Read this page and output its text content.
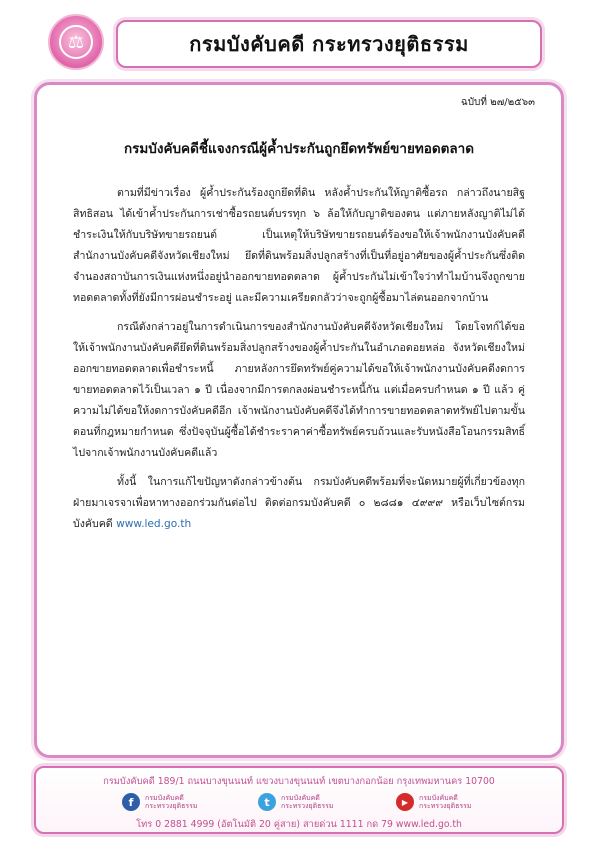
⚖	กรมบังคับคดี กระทรวงยุติธรรม
ฉบับที่ ๒๗/๒๕๖๓
กรมบังคับคดีชี้แจงกรณีผู้ค้ำประกันถูกยึดทรัพย์ขายทอดตลาด

ตามที่มีข่าวเรื่อง ผู้ค้ำประกันร้องถูกยึดที่ดิน หลังค้ำประกันให้ญาติซื้อรถ กล่าวถึงนายสิฐ สิทธิสอน ได้เข้าค้ำประกันการเช่าซื้อรถยนต์บรรทุก ๖ ล้อให้กับญาติของตน แต่ภายหลังญาติไม่ได้ชำระเงินให้กับบริษัทขายรถยนต์ เป็นเหตุให้บริษัทขายรถยนต์ร้องขอให้เจ้าพนักงานบังคับคดีสำนักงานบังคับคดีจังหวัดเชียงใหม่ ยึดที่ดินพร้อมสิ่งปลูกสร้างที่เป็นที่อยู่อาศัยของผู้ค้ำประกันซึ่งติดจำนองสถาบันการเงินแห่งหนึ่งอยู่นำออกขายทอดตลาด ผู้ค้ำประกันไม่เข้าใจว่าทำไมบ้านจึงถูกขายทอดตลาดทั้งที่ยังมีการผ่อนชำระอยู่ และมีความเครียดกลัวว่าจะถูกผู้ซื้อมาไล่ตนออกจากบ้าน

กรณีดังกล่าวอยู่ในการดำเนินการของสำนักงานบังคับคดีจังหวัดเชียงใหม่ โดยโจทก์ได้ขอให้เจ้าพนักงานบังคับคดียึดที่ดินพร้อมสิ่งปลูกสร้างของผู้ค้ำประกันในอำเภอดอยหล่อ จังหวัดเชียงใหม่ ออกขายทอดตลาดเพื่อชำระหนี้ ภายหลังการยึดทรัพย์คู่ความได้ขอให้เจ้าพนักงานบังคับคดีงดการขายทอดตลาดไว้เป็นเวลา ๑ ปี เนื่องจากมีการตกลงผ่อนชำระหนี้กัน แต่เมื่อครบกำหนด ๑ ปี แล้ว คู่ความไม่ได้ขอให้งดการบังคับคดีอีก เจ้าพนักงานบังคับคดีจึงได้ทำการขายทอดตลาดทรัพย์ไปตามขั้นตอนที่กฎหมายกำหนด ซึ่งปัจจุบันผู้ซื้อได้ชำระราคาค่าซื้อทรัพย์ครบถ้วนและรับหนังสือโอนกรรมสิทธิ์ไปจากเจ้าพนักงานบังคับคดีแล้ว

ทั้งนี้ ในการแก้ไขปัญหาดังกล่าวข้างต้น กรมบังคับคดีพร้อมที่จะนัดหมายผู้ที่เกี่ยวข้องทุกฝ่ายมาเจรจาเพื่อหาทางออกร่วมกันต่อไป ติดต่อกรมบังคับคดี ๐ ๒๘๘๑ ๔๙๙๙ หรือเว็บไซต์กรมบังคับคดี www.led.go.th

กรมบังคับคดี 189/1 ถนนบางขุนนนท์ แขวงบางขุนนนท์ เขตบางกอกน้อย กรุงเทพมหานคร 10700
f	กรมบังคับคดี
กระทรวงยุติธรรม	t	กรมบังคับคดี
กระทรวงยุติธรรม	▶	กรมบังคับคดี
กระทรวงยุติธรรม
โทร 0 2881 4999 (อัตโนมัติ 20 คู่สาย) สายด่วน 1111 กด 79 www.led.go.th
